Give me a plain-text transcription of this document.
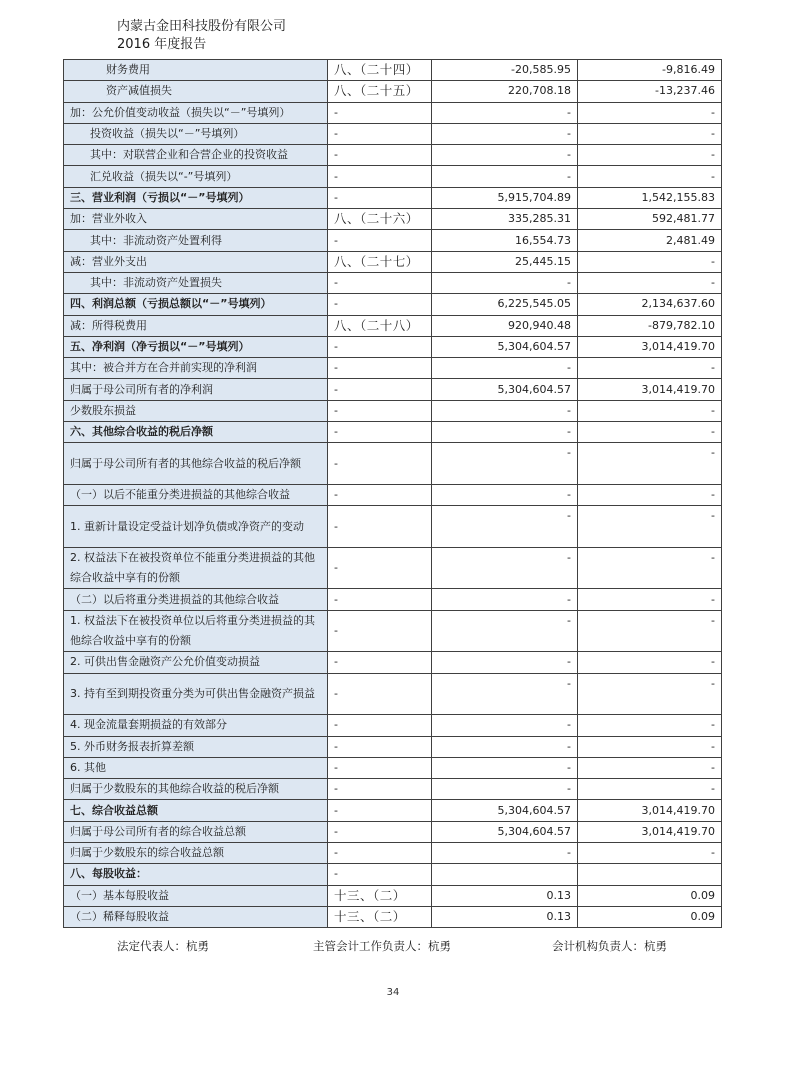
内蒙古金田科技股份有限公司
2016 年度报告
财务费用	八、（二十四）	-20,585.95	-9,816.49
资产减值损失	八、（二十五）	220,708.18	-13,237.46
加：公允价值变动收益（损失以“－”号填列）	-	-	-
投资收益（损失以“－”号填列）	-	-	-
其中：对联营企业和合营企业的投资收益	-	-	-
汇兑收益（损失以“-”号填列）	-	-	-
三、营业利润（亏损以“－”号填列）	-	5,915,704.89	1,542,155.83
加：营业外收入	八、（二十六）	335,285.31	592,481.77
其中：非流动资产处置利得	-	16,554.73	2,481.49
减：营业外支出	八、（二十七）	25,445.15	-
其中：非流动资产处置损失	-	-	-
四、利润总额（亏损总额以“－”号填列）	-	6,225,545.05	2,134,637.60
减：所得税费用	八、（二十八）	920,940.48	-879,782.10
五、净利润（净亏损以“－”号填列）	-	5,304,604.57	3,014,419.70
其中：被合并方在合并前实现的净利润	-	-	-
归属于母公司所有者的净利润	-	5,304,604.57	3,014,419.70
少数股东损益	-	-	-
六、其他综合收益的税后净额	-	-	-
归属于母公司所有者的其他综合收益的税后净额	-	-	-
（一）以后不能重分类进损益的其他综合收益	-	-	-
1. 重新计量设定受益计划净负债或净资产的变动	-	-	-
2. 权益法下在被投资单位不能重分类进损益的其他综合收益中享有的份额	-	-	-
（二）以后将重分类进损益的其他综合收益	-	-	-
1. 权益法下在被投资单位以后将重分类进损益的其他综合收益中享有的份额	-	-	-
2. 可供出售金融资产公允价值变动损益	-	-	-
3. 持有至到期投资重分类为可供出售金融资产损益	-	-	-
4. 现金流量套期损益的有效部分	-	-	-
5. 外币财务报表折算差额	-	-	-
6. 其他	-	-	-
归属于少数股东的其他综合收益的税后净额	-	-	-
七、综合收益总额	-	5,304,604.57	3,014,419.70
归属于母公司所有者的综合收益总额	-	5,304,604.57	3,014,419.70
归属于少数股东的综合收益总额	-	-	-
八、每股收益：	-		
（一）基本每股收益	十三、（二）	0.13	0.09
（二）稀释每股收益	十三、（二）	0.13	0.09
法定代表人：杭勇	主管会计工作负责人：杭勇	会计机构负责人：杭勇
34
